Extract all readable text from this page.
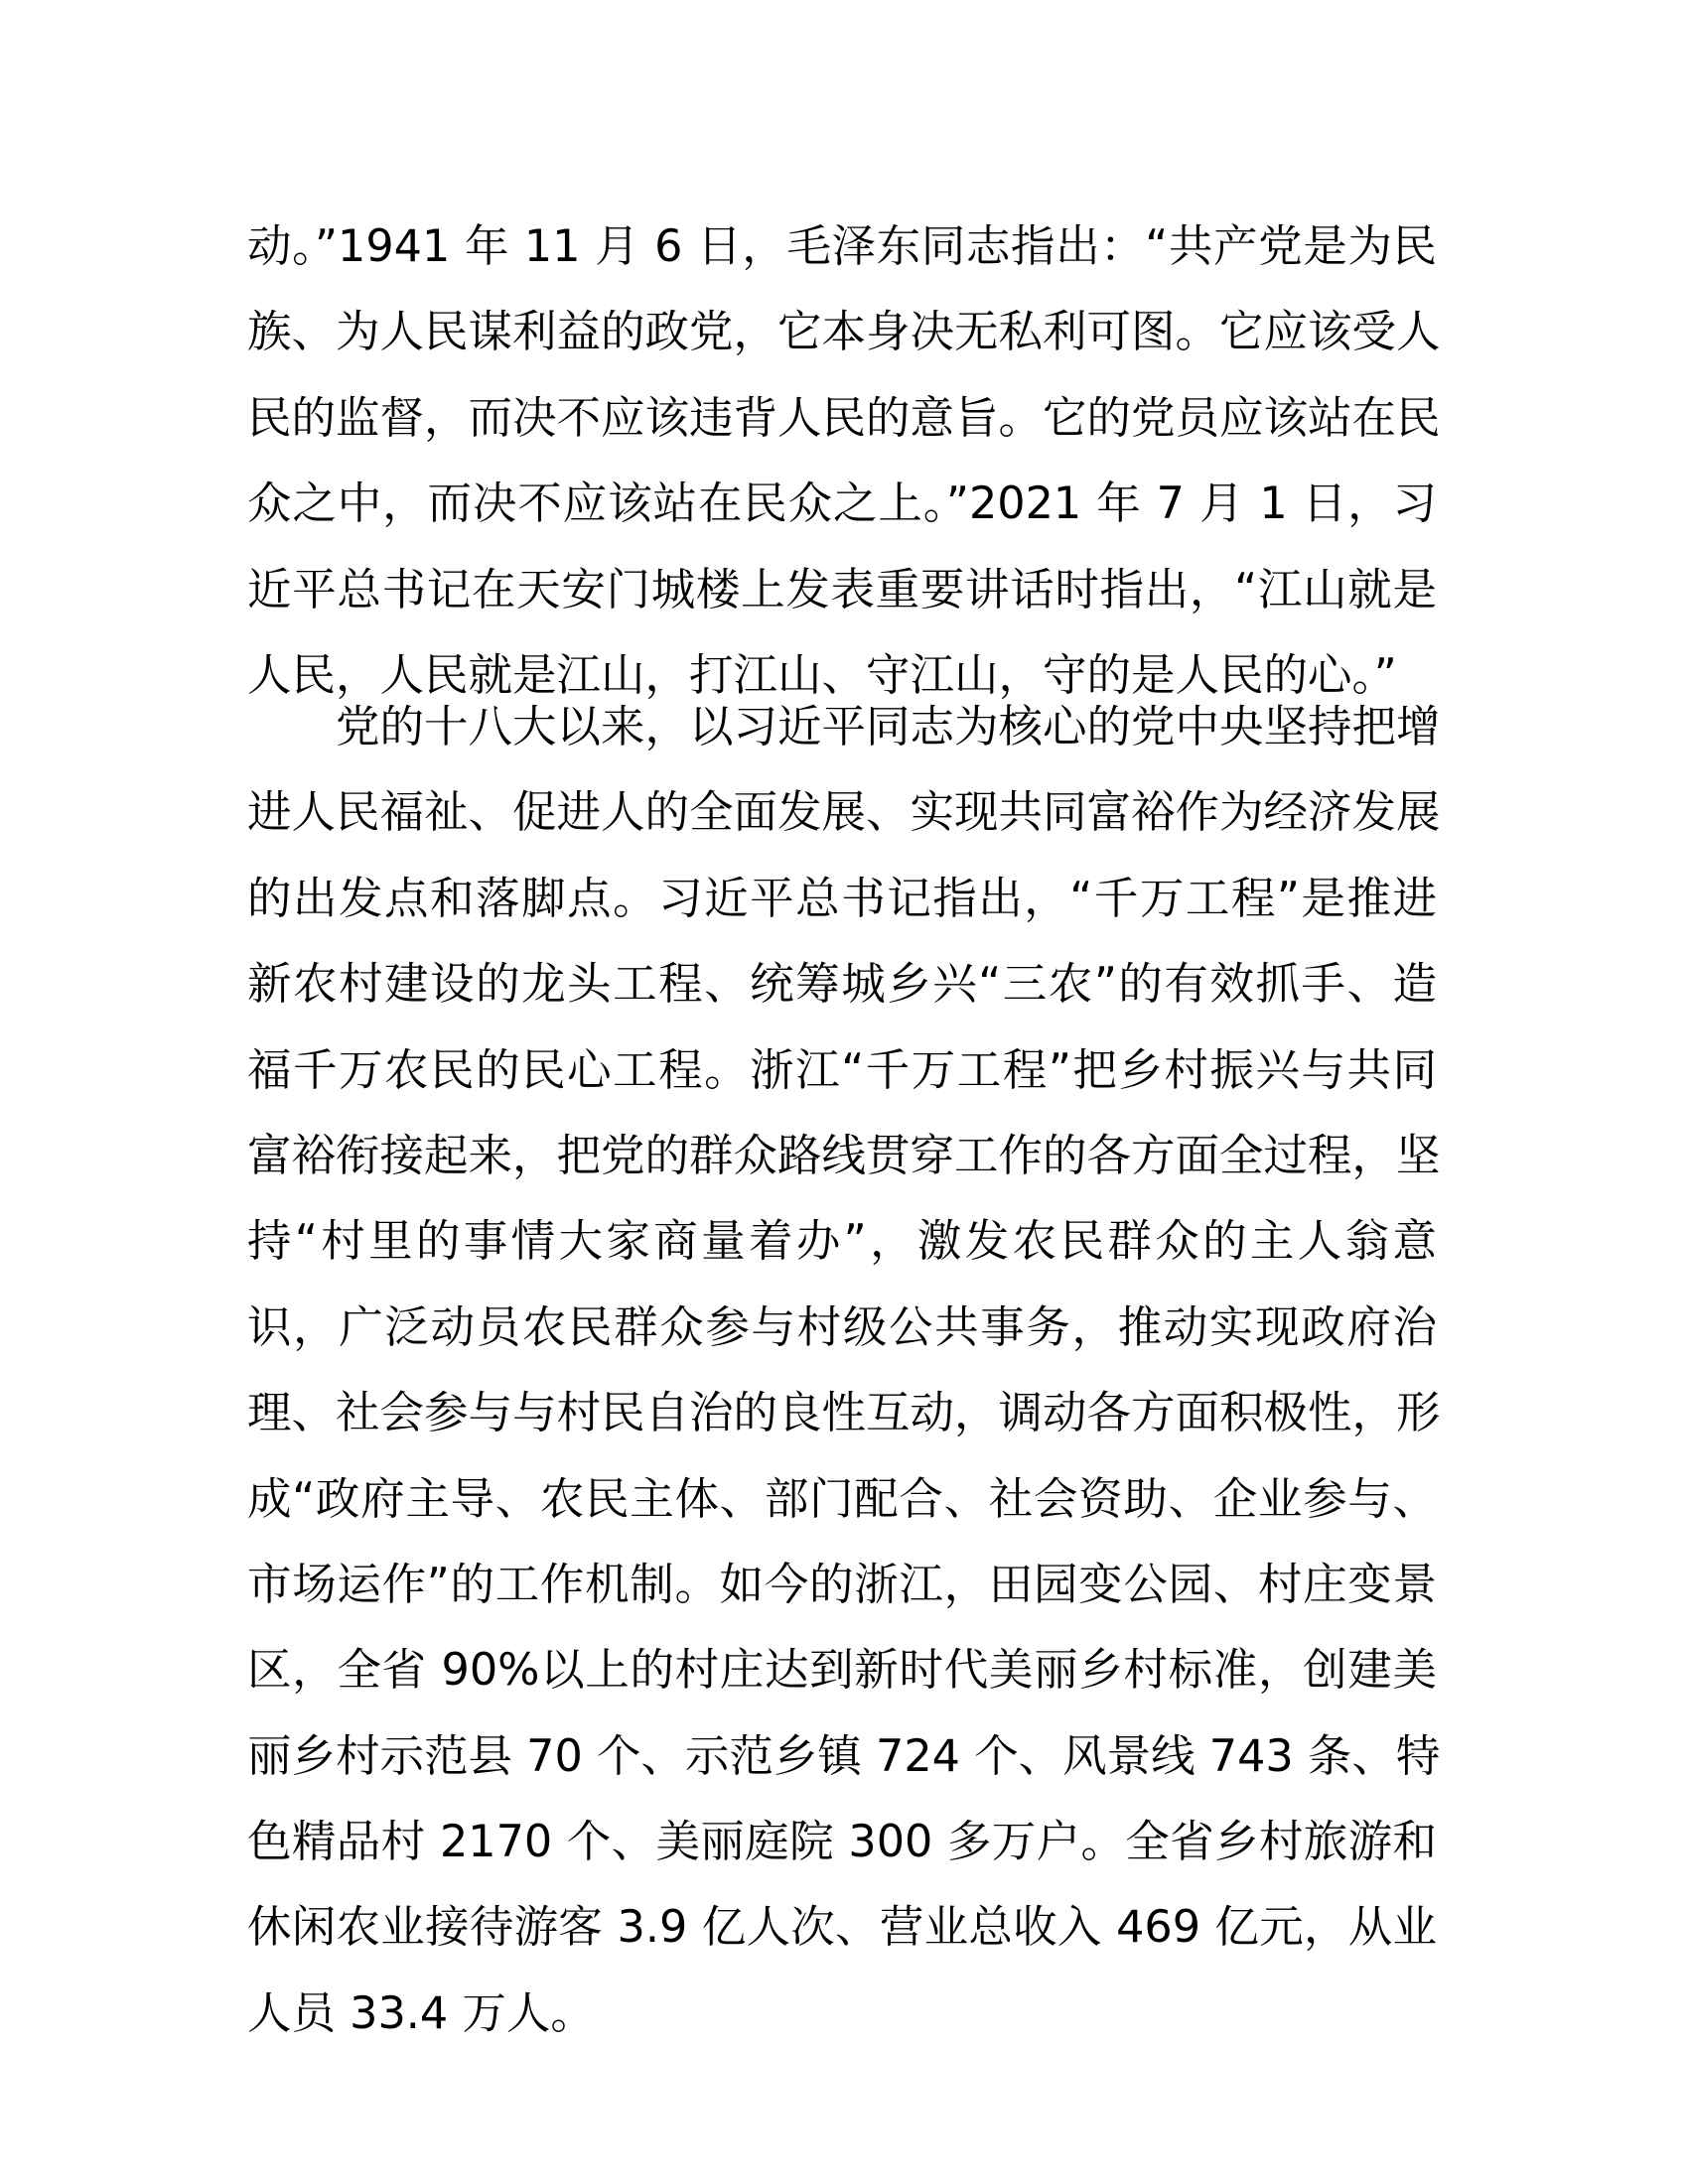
动。”1941 年 11 月 6 日，毛泽东同志指出：“共产党是为民
族、为人民谋利益的政党，它本身决无私利可图。它应该受人
民的监督，而决不应该违背人民的意旨。它的党员应该站在民
众之中，而决不应该站在民众之上。”2021 年 7 月 1 日，习
近平总书记在天安门城楼上发表重要讲话时指出，“江山就是
人民，人民就是江山，打江山、守江山，守的是人民的心。”
党的十八大以来，以习近平同志为核心的党中央坚持把增
进人民福祉、促进人的全面发展、实现共同富裕作为经济发展
的出发点和落脚点。习近平总书记指出，“千万工程”是推进
新农村建设的龙头工程、统筹城乡兴“三农”的有效抓手、造
福千万农民的民心工程。浙江“千万工程”把乡村振兴与共同
富裕衔接起来，把党的群众路线贯穿工作的各方面全过程，坚
持“村里的事情大家商量着办”，激发农民群众的主人翁意
识，广泛动员农民群众参与村级公共事务，推动实现政府治
理、社会参与与村民自治的良性互动，调动各方面积极性，形
成“政府主导、农民主体、部门配合、社会资助、企业参与、
市场运作”的工作机制。如今的浙江，田园变公园、村庄变景
区，全省 90%以上的村庄达到新时代美丽乡村标准，创建美
丽乡村示范县 70 个、示范乡镇 724 个、风景线 743 条、特
色精品村 2170 个、美丽庭院 300 多万户。全省乡村旅游和
休闲农业接待游客 3.9 亿人次、营业总收入 469 亿元，从业
人员 33.4 万人。
